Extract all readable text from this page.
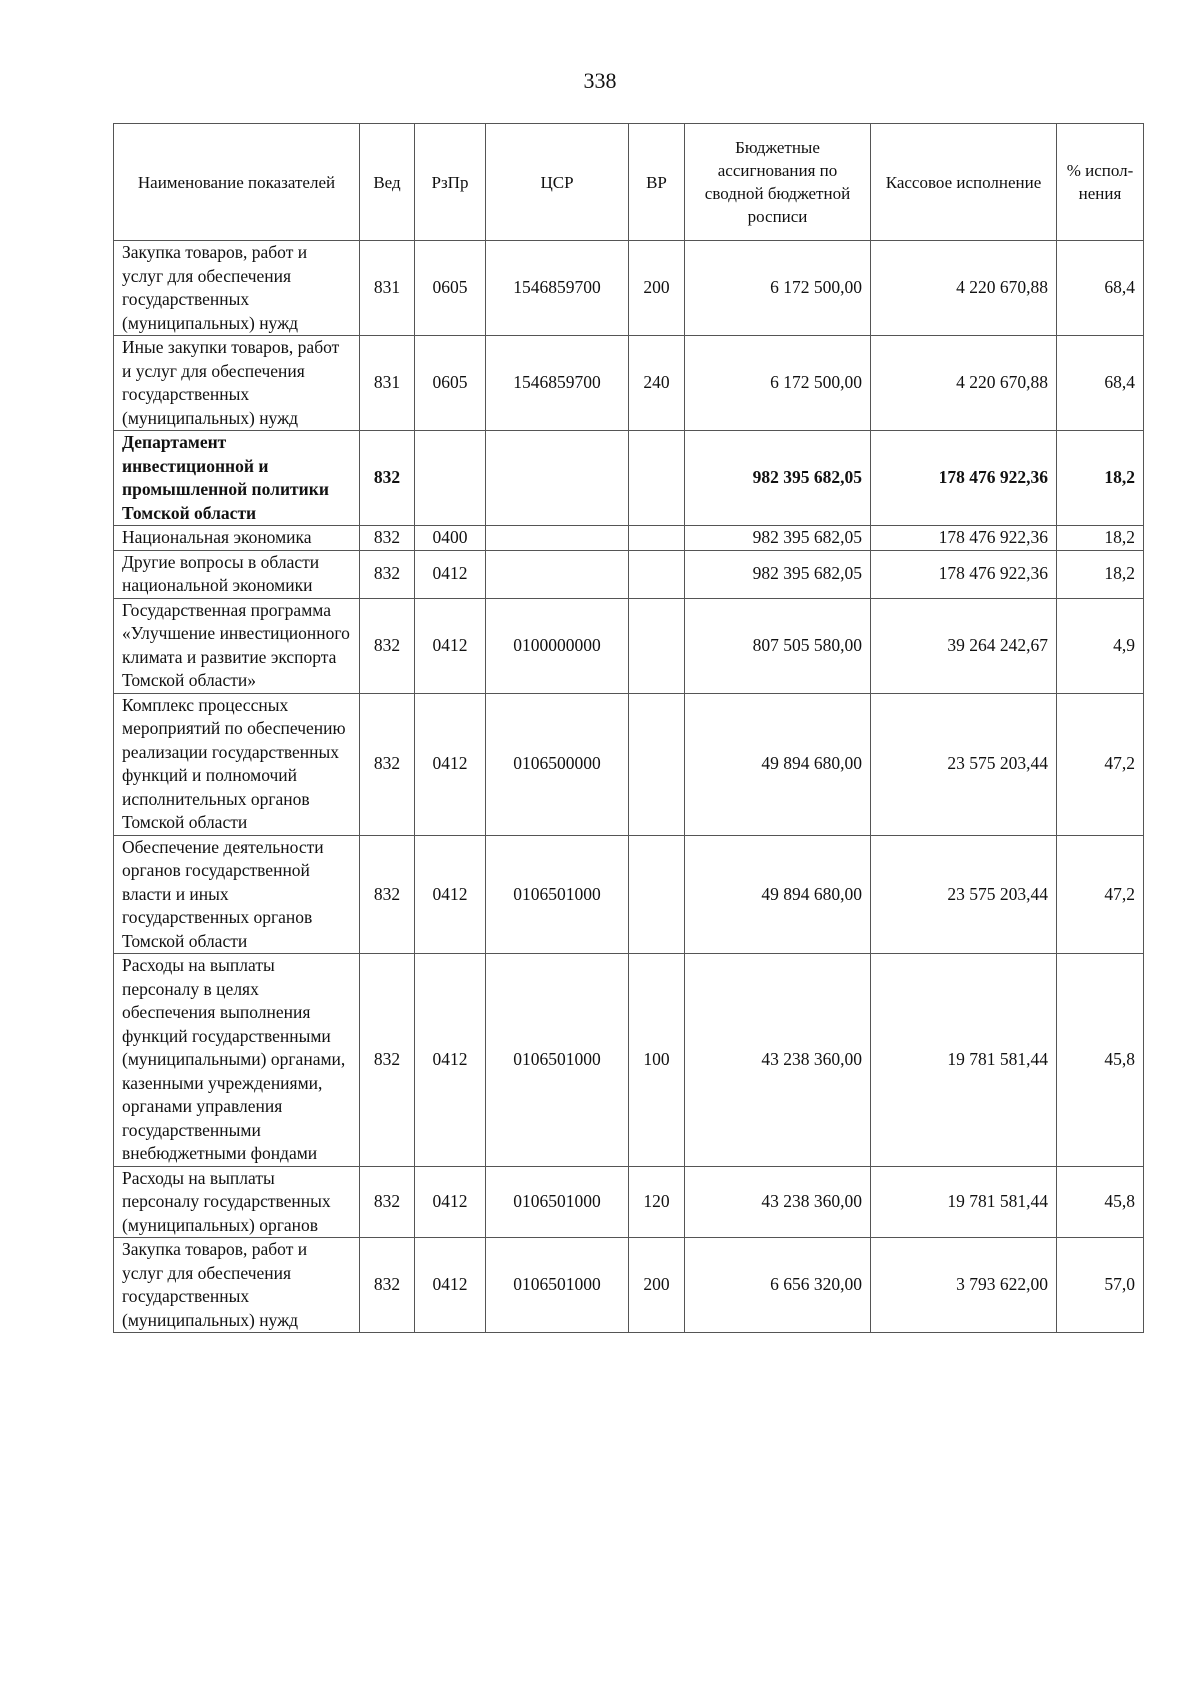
338
Наименование показателей	Вед	РзПр	ЦСР	ВР	Бюджетные ассигнования по сводной бюджетной росписи	Кассовое исполнение	% испол-нения
Закупка товаров, работ и услуг для обеспечения государственных (муниципальных) нужд	831	0605	1546859700	200	6 172 500,00	4 220 670,88	68,4
Иные закупки товаров, работ и услуг для обеспечения государственных (муниципальных) нужд	831	0605	1546859700	240	6 172 500,00	4 220 670,88	68,4
Департамент инвестиционной и промышленной политики Томской области	832				982 395 682,05	178 476 922,36	18,2
Национальная экономика	832	0400			982 395 682,05	178 476 922,36	18,2
Другие вопросы в области национальной экономики	832	0412			982 395 682,05	178 476 922,36	18,2
Государственная программа «Улучшение инвестиционного климата и развитие экспорта Томской области»	832	0412	0100000000		807 505 580,00	39 264 242,67	4,9
Комплекс процессных мероприятий по обеспечению реализации государственных функций и полномочий исполнительных органов Томской области	832	0412	0106500000		49 894 680,00	23 575 203,44	47,2
Обеспечение деятельности органов государственной власти и иных государственных органов Томской области	832	0412	0106501000		49 894 680,00	23 575 203,44	47,2
Расходы на выплаты персоналу в целях обеспечения выполнения функций государственными (муниципальными) органами, казенными учреждениями, органами управления государственными внебюджетными фондами	832	0412	0106501000	100	43 238 360,00	19 781 581,44	45,8
Расходы на выплаты персоналу государственных (муниципальных) органов	832	0412	0106501000	120	43 238 360,00	19 781 581,44	45,8
Закупка товаров, работ и услуг для обеспечения государственных (муниципальных) нужд	832	0412	0106501000	200	6 656 320,00	3 793 622,00	57,0
